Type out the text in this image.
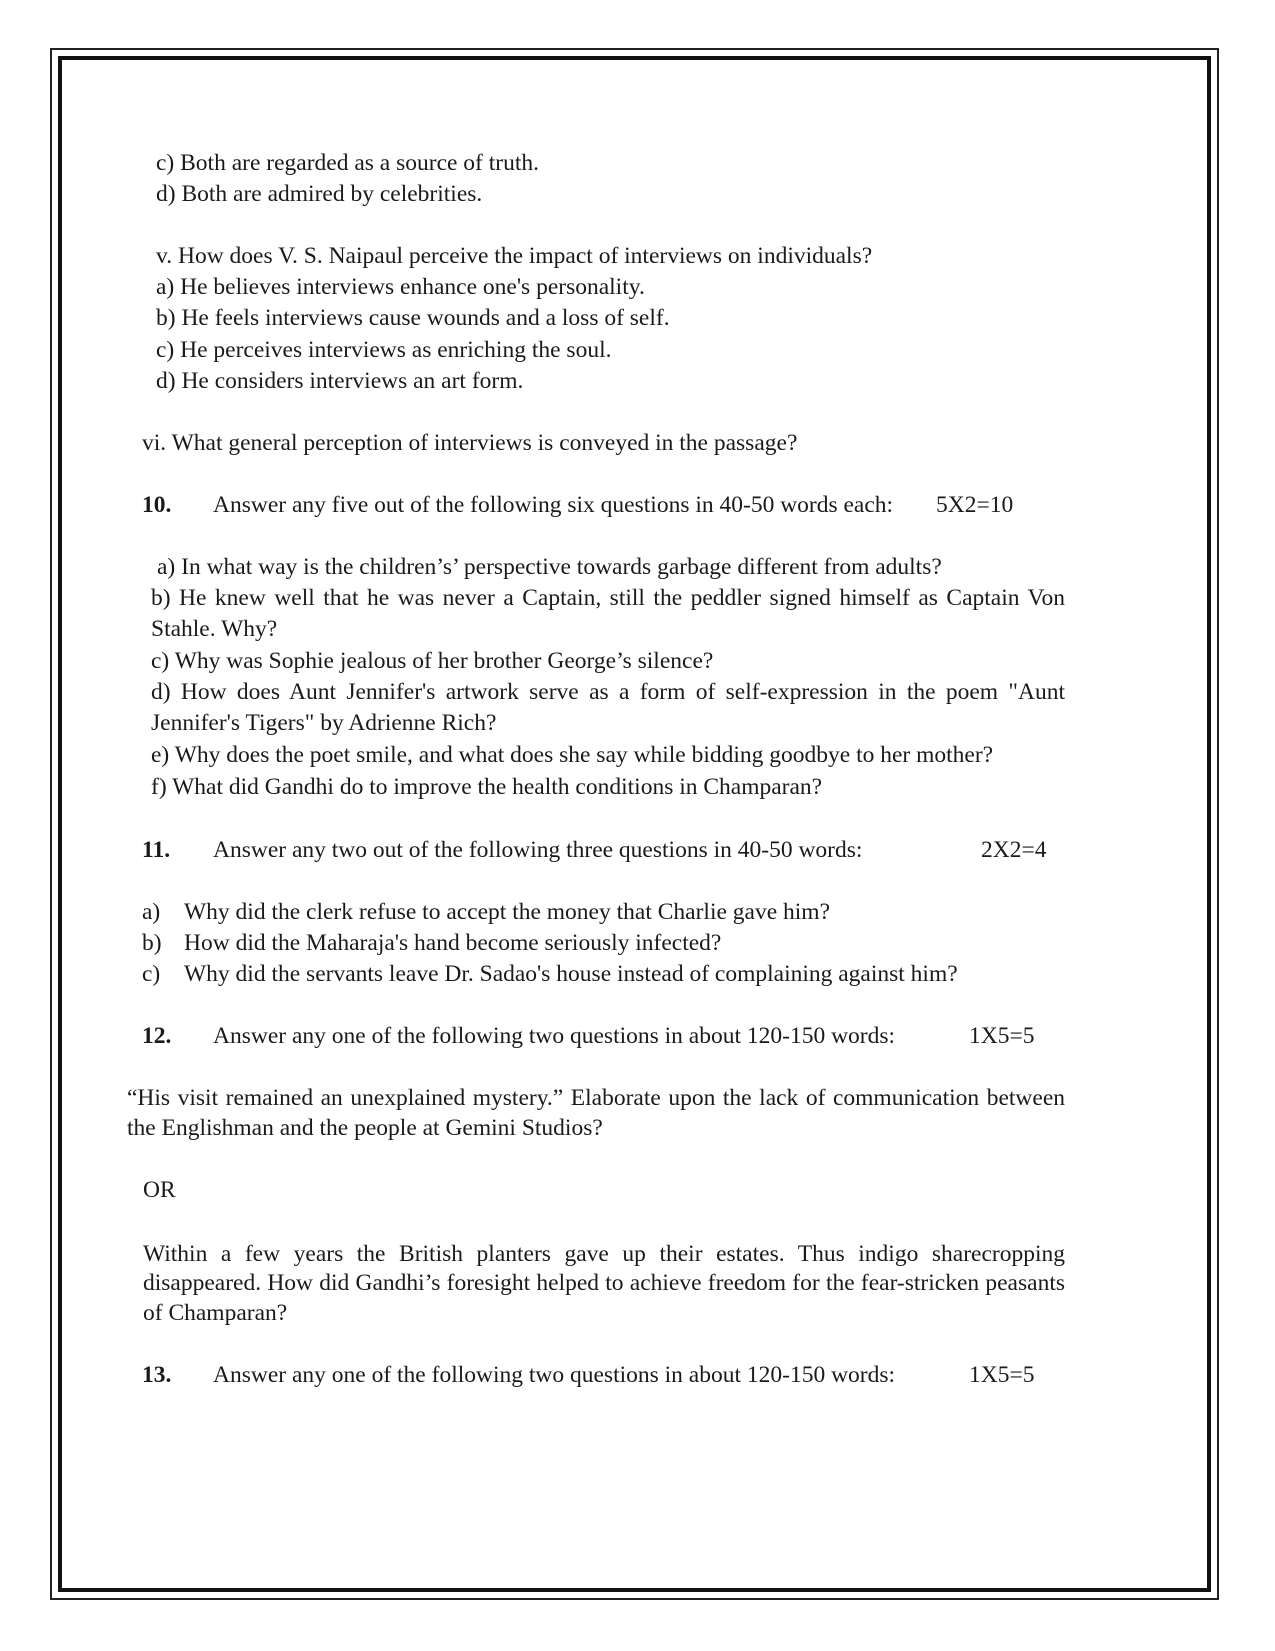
c) Both are regarded as a source of truth.
d) Both are admired by celebrities.
v. How does V. S. Naipaul perceive the impact of interviews on individuals?
a) He believes interviews enhance one's personality.
b) He feels interviews cause wounds and a loss of self.
c) He perceives interviews as enriching the soul.
d) He considers interviews an art form.
vi. What general perception of interviews is conveyed in the passage?
10. Answer any five out of the following six questions in 40-50 words each: 5X2=10
a) In what way is the children’s’ perspective towards garbage different from adults?
b) He knew well that he was never a Captain, still the peddler signed himself as Captain Von
Stahle. Why?
c) Why was Sophie jealous of her brother George’s silence?
d) How does Aunt Jennifer's artwork serve as a form of self-expression in the poem "Aunt
Jennifer's Tigers" by Adrienne Rich?
e) Why does the poet smile, and what does she say while bidding goodbye to her mother?
f) What did Gandhi do to improve the health conditions in Champaran?
11. Answer any two out of the following three questions in 40-50 words:	2X2=4
a) Why did the clerk refuse to accept the money that Charlie gave him?
b) How did the Maharaja's hand become seriously infected?
c) Why did the servants leave Dr. Sadao's house instead of complaining against him?
12. Answer any one of the following two questions in about 120-150 words:	1X5=5
“His visit remained an unexplained mystery.” Elaborate upon the lack of communication between
the Englishman and the people at Gemini Studios?
OR
Within a few years the British planters gave up their estates. Thus indigo sharecropping
disappeared. How did Gandhi’s foresight helped to achieve freedom for the fear-stricken peasants
of Champaran?
13. Answer any one of the following two questions in about 120-150 words:	1X5=5
